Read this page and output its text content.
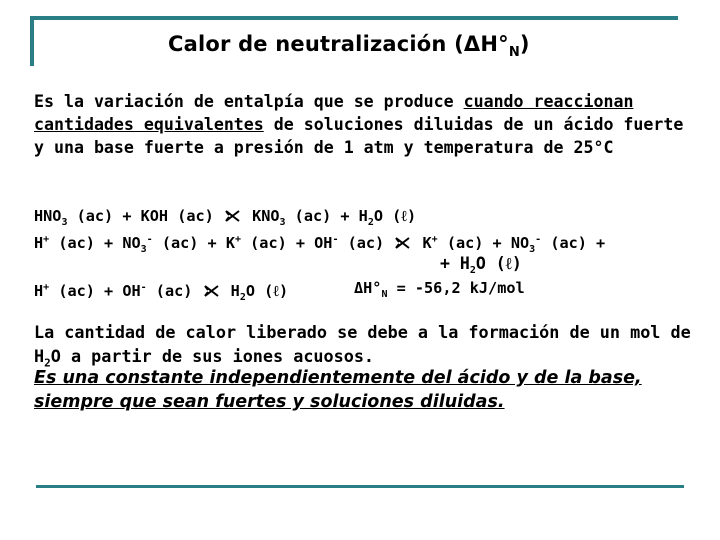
Calor de neutralización $(\Delta H^\circ_N)$
Es la variación de entalpía que se produce cuando reaccionan cantidades equivalentes de soluciones diluidas de un ácido fuerte y una base fuerte a presión de 1 atm y temperatura de 25°C
$HNO_3$ (ac) + KOH (ac)  $KNO_3$ $(ac) + H_2O$ (ℓ)
H+ $(ac) + NO_3^-$ (ac) + K+ (ac) + OH- (ac)  K+ $(ac) + NO_3^-$ (ac) +
+ $H_2O$ (ℓ)
H+ (ac) + OH- (ac)  $H_2O$ (ℓ)	$\Delta H^\circ_N = -56,2$ kJ/mol
La cantidad de calor liberado se debe a la formación de un mol de $H_2O$ a partir de sus iones acuosos.
Es una constante independientemente del ácido y de la base, siempre que sean fuertes y soluciones diluidas.
